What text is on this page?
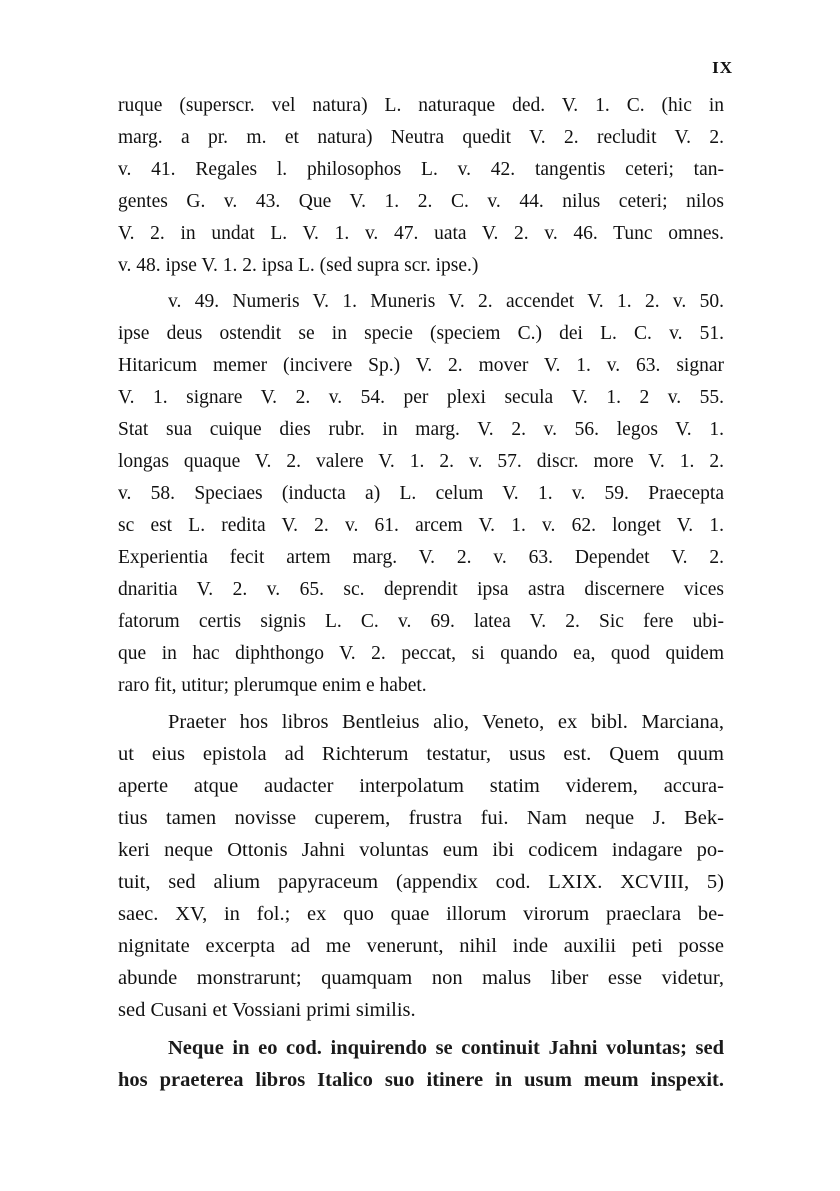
IX
ruque (superscr. vel natura) L. naturaque ded. V. 1. C. (hic in
marg. a pr. m. et natura) Neutra quedit V. 2. recludit V. 2.
v. 41. Regales l. philosophos L. v. 42. tangentis ceteri; tan-
gentes G. v. 43. Que V. 1. 2. C. v. 44. nilus ceteri; nilos
V. 2. in undat L. V. 1. v. 47. uata V. 2. v. 46. Tunc omnes.
v. 48. ipse V. 1. 2. ipsa L. (sed supra scr. ipse.)
v. 49. Numeris V. 1. Muneris V. 2. accendet V. 1. 2. v. 50.
ipse deus ostendit se in specie (speciem C.) dei L. C. v. 51.
Hitaricum memer (incivere Sp.) V. 2. mover V. 1. v. 63. signar
V. 1. signare V. 2. v. 54. per plexi secula V. 1. 2 v. 55.
Stat sua cuique dies rubr. in marg. V. 2. v. 56. legos V. 1.
longas quaque V. 2. valere V. 1. 2. v. 57. discr. more V. 1. 2.
v. 58. Speciaes (inducta a) L. celum V. 1. v. 59. Praecepta
sc est L. redita V. 2. v. 61. arcem V. 1. v. 62. longet V. 1.
Experientia fecit artem marg. V. 2. v. 63. Dependet V. 2.
dnaritia V. 2. v. 65. sc. deprendit ipsa astra discernere vices
fatorum certis signis L. C. v. 69. latea V. 2. Sic fere ubi-
que in hac diphthongo V. 2. peccat, si quando ea, quod quidem
raro fit, utitur; plerumque enim e habet.
Praeter hos libros Bentleius alio, Veneto, ex bibl. Marciana,
ut eius epistola ad Richterum testatur, usus est. Quem quum
aperte atque audacter interpolatum statim viderem, accura-
tius tamen novisse cuperem, frustra fui. Nam neque J. Bek-
keri neque Ottonis Jahni voluntas eum ibi codicem indagare po-
tuit, sed alium papyraceum (appendix cod. LXIX. XCVIII, 5)
saec. XV, in fol.; ex quo quae illorum virorum praeclara be-
nignitate excerpta ad me venerunt, nihil inde auxilii peti posse
abunde monstrarunt; quamquam non malus liber esse videtur,
sed Cusani et Vossiani primi similis.
Neque in eo cod. inquirendo se continuit Jahni voluntas; sed
hos praeterea libros Italico suo itinere in usum meum inspexit.
